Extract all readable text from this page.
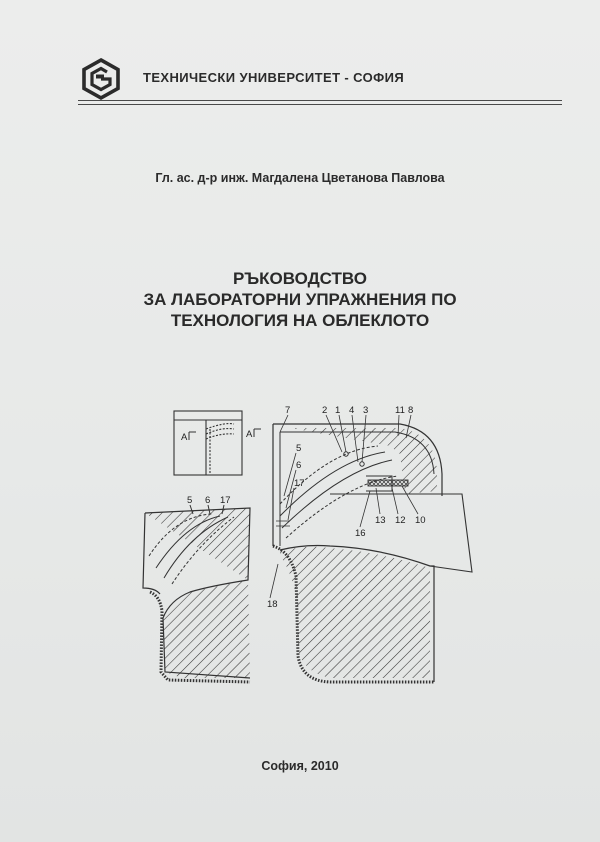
ТЕХНИЧЕСКИ УНИВЕРСИТЕТ - СОФИЯ
Гл. ас. д-р инж. Магдалена Цветанова Павлова
РЪКОВОДСТВО
ЗА ЛАБОРАТОРНИ УПРАЖНЕНИЯ ПО
ТЕХНОЛОГИЯ НА ОБЛЕКЛОТО
А	А
5 6 17
7	2 1 4 3	11 8
5
6
17
16
13 12 10
18
София, 2010
